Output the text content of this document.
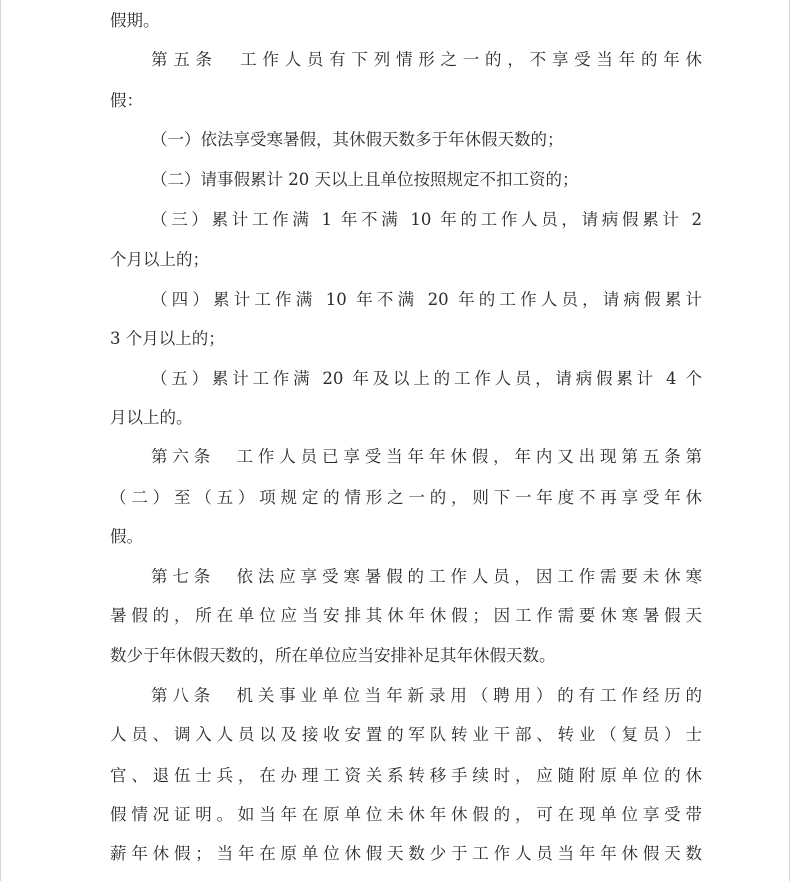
假期。
第五条　工作人员有下列情形之一的，不享受当年的年休
假：
（一）依法享受寒暑假，其休假天数多于年休假天数的；
（二）请事假累计 20 天以上且单位按照规定不扣工资的；
（三）累计工作满 1 年不满 10 年的工作人员，请病假累计 2
个月以上的；
（四）累计工作满 10 年不满 20 年的工作人员，请病假累计
3 个月以上的；
（五）累计工作满 20 年及以上的工作人员，请病假累计 4 个
月以上的。
第六条　工作人员已享受当年年休假，年内又出现第五条第
（二）至（五）项规定的情形之一的，则下一年度不再享受年休
假。
第七条　依法应享受寒暑假的工作人员，因工作需要未休寒
暑假的，所在单位应当安排其休年休假；因工作需要休寒暑假天
数少于年休假天数的，所在单位应当安排补足其年休假天数。
第八条　机关事业单位当年新录用（聘用）的有工作经历的
人员、调入人员以及接收安置的军队转业干部、转业（复员）士
官、退伍士兵，在办理工资关系转移手续时，应随附原单位的休
假情况证明。如当年在原单位未休年休假的，可在现单位享受带
薪年休假；当年在原单位休假天数少于工作人员当年年休假天数
